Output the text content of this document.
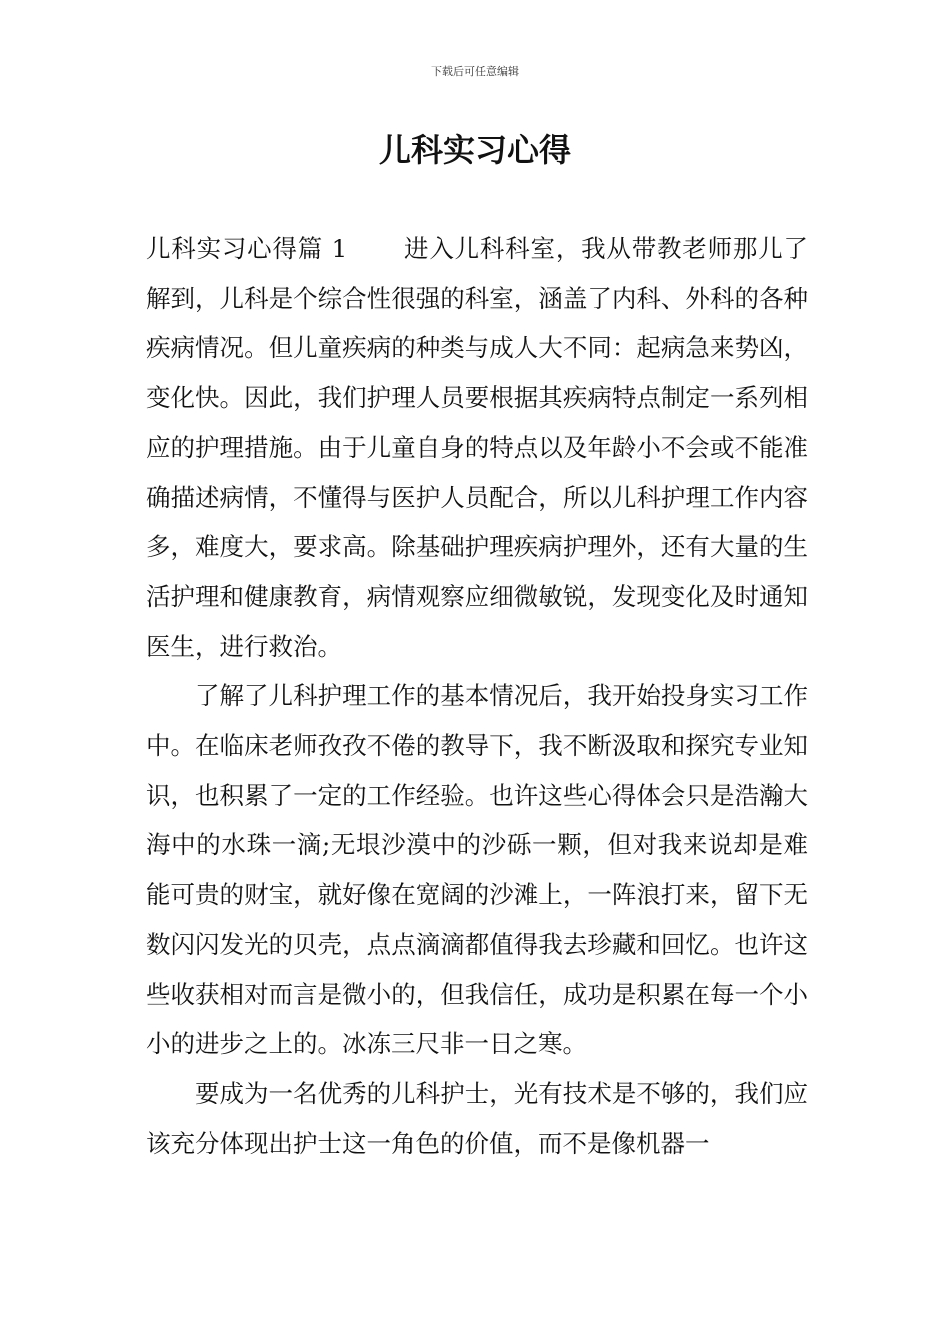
下载后可任意编辑
儿科实习心得

儿科实习心得篇 1 进入儿科科室，我从带教老师那儿了解到，儿科是个综合性很强的科室，涵盖了内科、外科的各种疾病情况。但儿童疾病的种类与成人大不同：起病急来势凶，变化快。因此，我们护理人员要根据其疾病特点制定一系列相应的护理措施。由于儿童自身的特点以及年龄小不会或不能准确描述病情，不懂得与医护人员配合，所以儿科护理工作内容多，难度大，要求高。除基础护理疾病护理外，还有大量的生活护理和健康教育，病情观察应细微敏锐，发现变化及时通知医生，进行救治。

了解了儿科护理工作的基本情况后，我开始投身实习工作中。在临床老师孜孜不倦的教导下，我不断汲取和探究专业知识，也积累了一定的工作经验。也许这些心得体会只是浩瀚大海中的水珠一滴;无垠沙漠中的沙砾一颗，但对我来说却是难能可贵的财宝，就好像在宽阔的沙滩上，一阵浪打来，留下无数闪闪发光的贝壳，点点滴滴都值得我去珍藏和回忆。也许这些收获相对而言是微小的，但我信任，成功是积累在每一个小小的进步之上的。冰冻三尺非一日之寒。

要成为一名优秀的儿科护士，光有技术是不够的，我们应该充分体现出护士这一角色的价值，而不是像机器一
